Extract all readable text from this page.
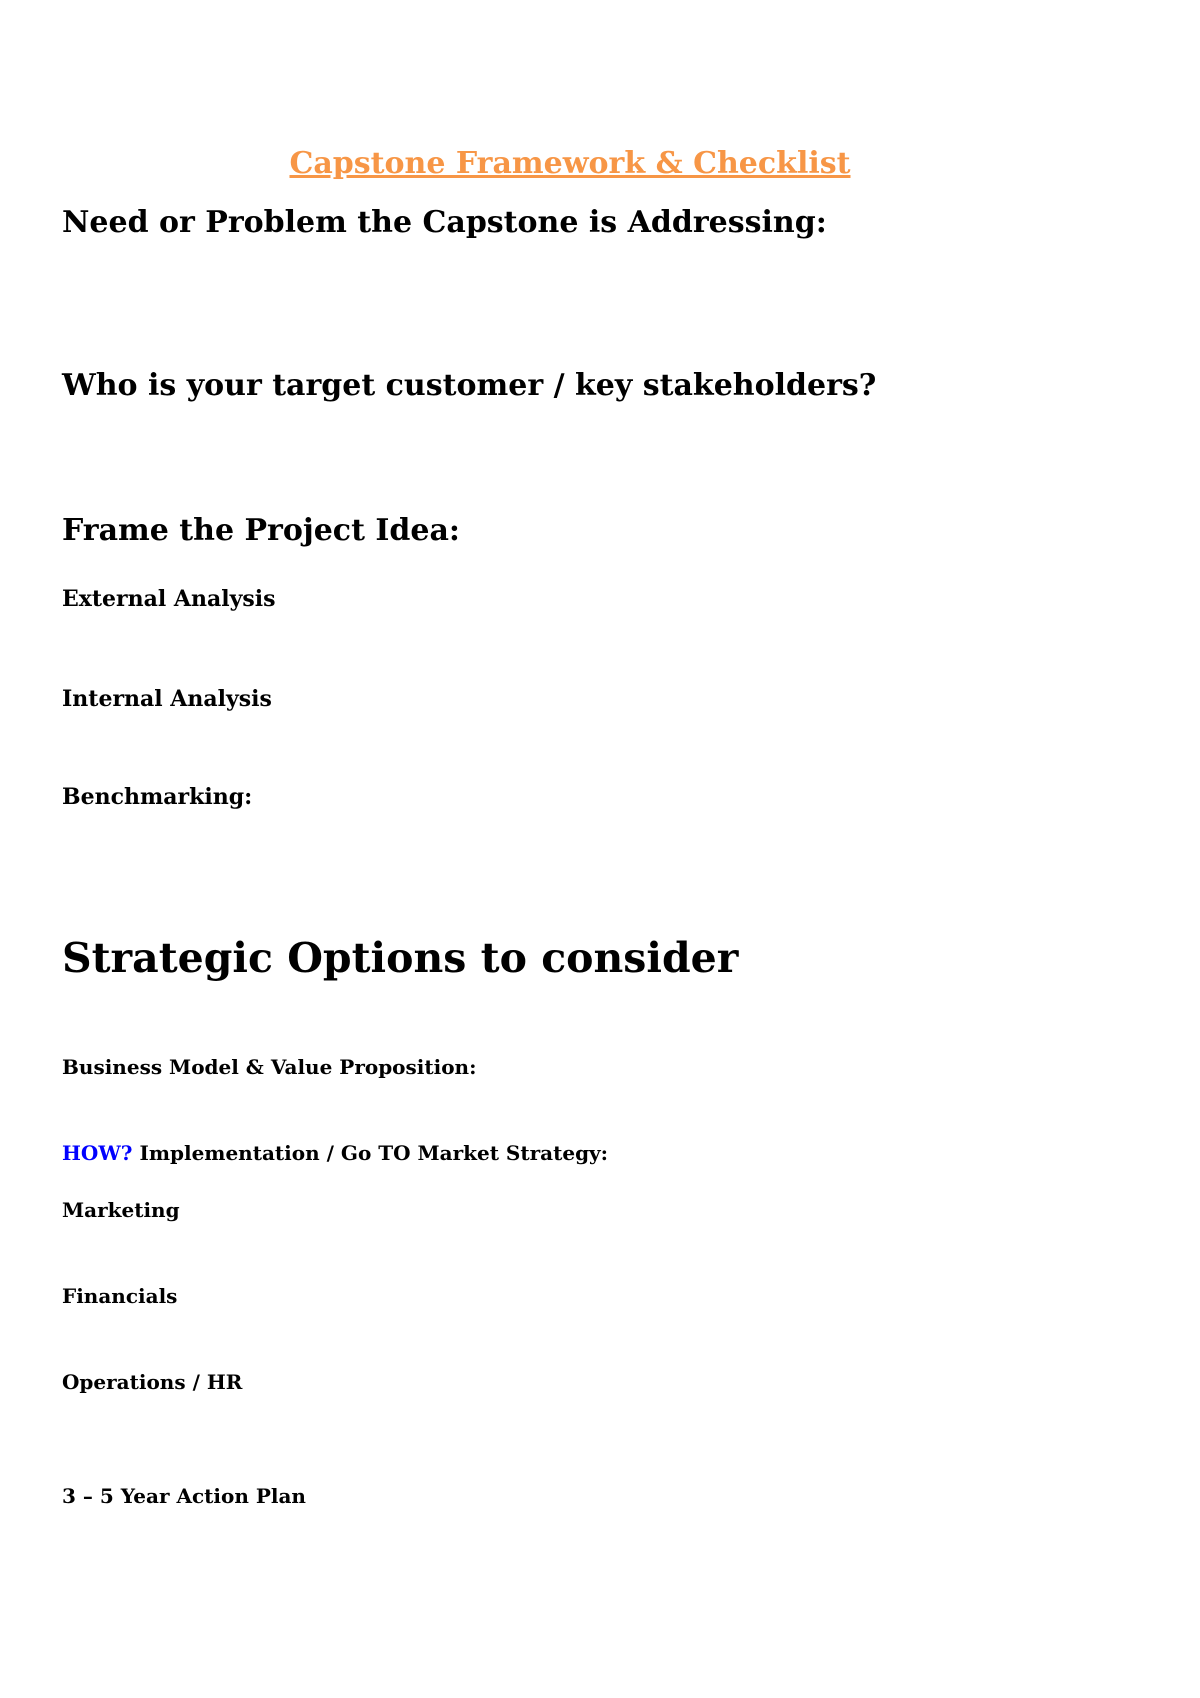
Capstone Framework & Checklist
Need or Problem the Capstone is Addressing:
Who is your target customer / key stakeholders?
Frame the Project Idea:

External Analysis

Internal Analysis

Benchmarking:

Strategic Options to consider

Business Model & Value Proposition:

HOW? Implementation / Go TO Market Strategy:

Marketing

Financials

Operations / HR

3 – 5 Year Action Plan
